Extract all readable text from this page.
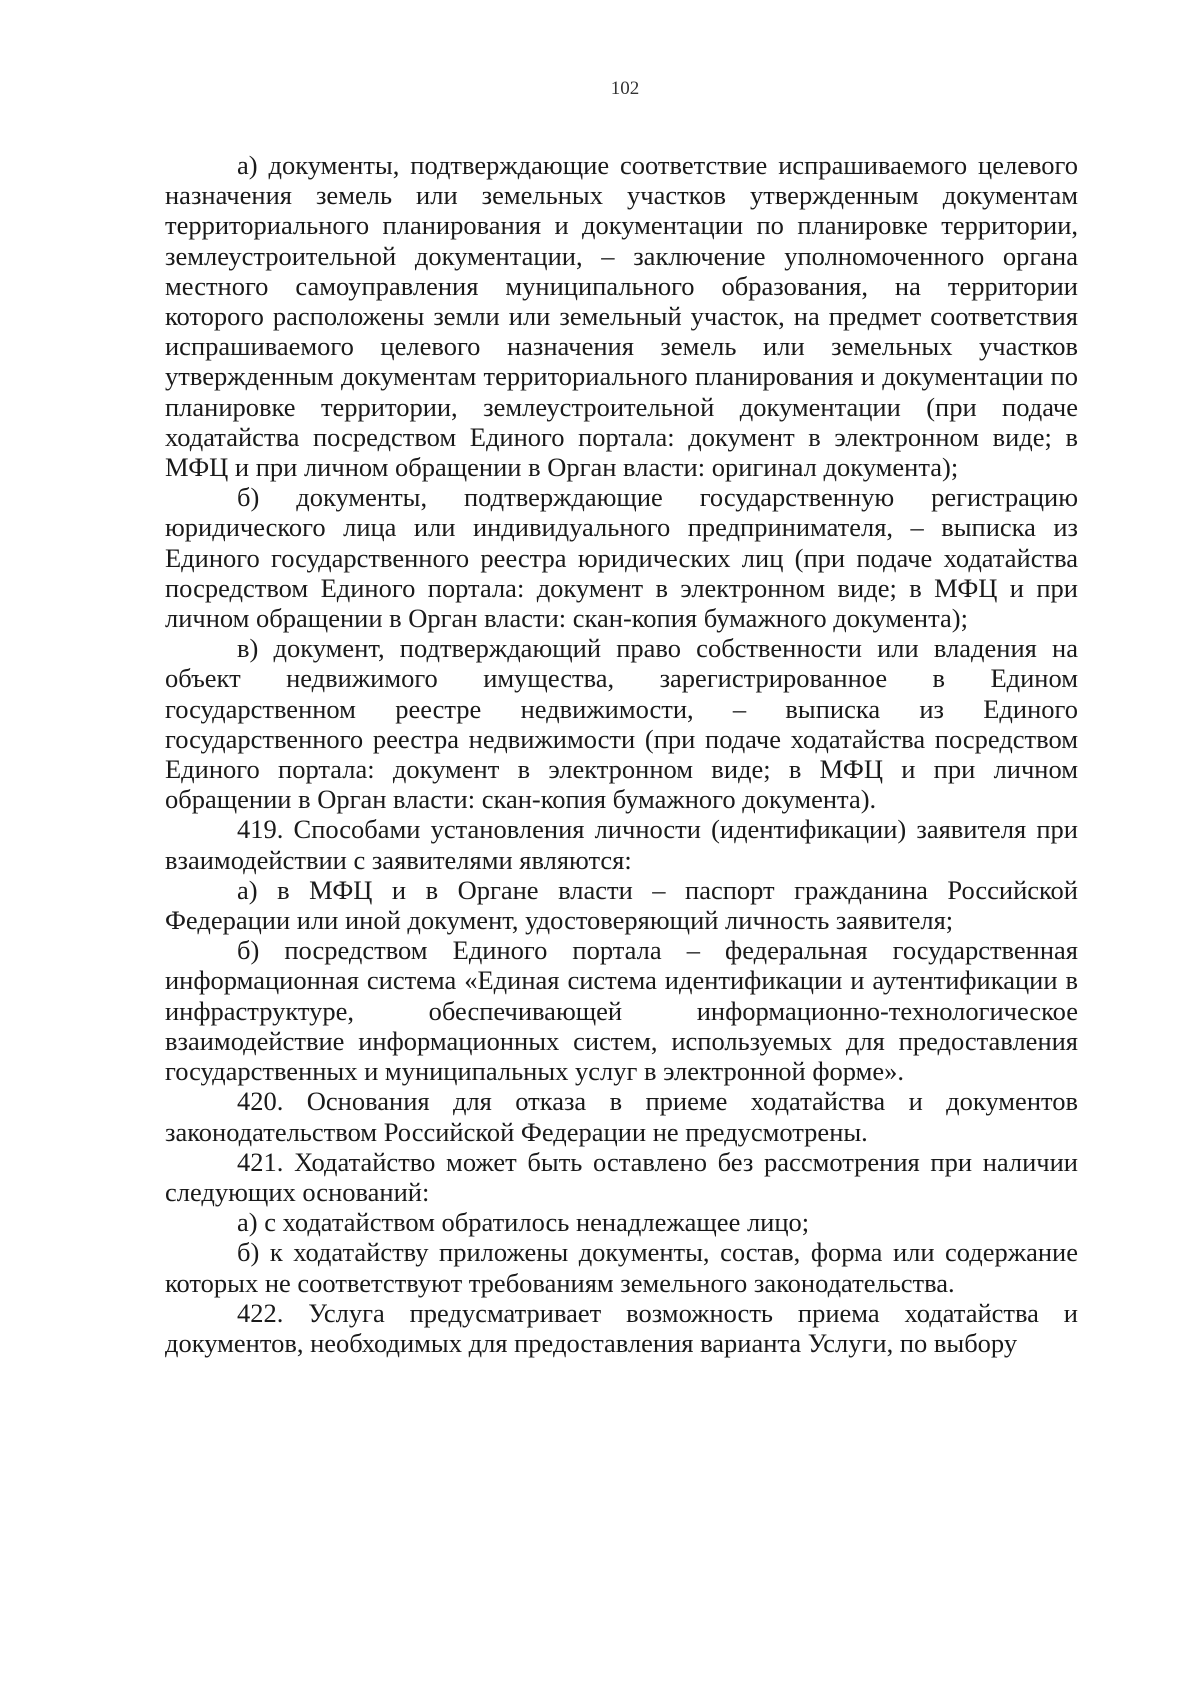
102

а) документы, подтверждающие соответствие испрашиваемого целевого назначения земель или земельных участков утвержденным документам территориального планирования и документации по планировке территории, землеустроительной документации, – заключение уполномоченного органа местного самоуправления муниципального образования, на территории которого расположены земли или земельный участок, на предмет соответствия испрашиваемого целевого назначения земель или земельных участков утвержденным документам территориального планирования и документации по планировке территории, землеустроительной документации (при подаче ходатайства посредством Единого портала: документ в электронном виде; в МФЦ и при личном обращении в Орган власти: оригинал документа);

б) документы, подтверждающие государственную регистрацию юридического лица или индивидуального предпринимателя, – выписка из Единого государственного реестра юридических лиц (при подаче ходатайства посредством Единого портала: документ в электронном виде; в МФЦ и при личном обращении в Орган власти: скан-копия бумажного документа);

в) документ, подтверждающий право собственности или владения на объект недвижимого имущества, зарегистрированное в Едином государственном реестре недвижимости, – выписка из Единого государственного реестра недвижимости (при подаче ходатайства посредством Единого портала: документ в электронном виде; в МФЦ и при личном обращении в Орган власти: скан-копия бумажного документа).

419. Способами установления личности (идентификации) заявителя при взаимодействии с заявителями являются:

а) в МФЦ и в Органе власти – паспорт гражданина Российской Федерации или иной документ, удостоверяющий личность заявителя;

б) посредством Единого портала – федеральная государственная информационная система «Единая система идентификации и аутентификации в инфраструктуре, обеспечивающей информационно-технологическое взаимодействие информационных систем, используемых для предоставления государственных и муниципальных услуг в электронной форме».

420. Основания для отказа в приеме ходатайства и документов законодательством Российской Федерации не предусмотрены.

421. Ходатайство может быть оставлено без рассмотрения при наличии следующих оснований:

а) с ходатайством обратилось ненадлежащее лицо;

б) к ходатайству приложены документы, состав, форма или содержание которых не соответствуют требованиям земельного законодательства.

422. Услуга предусматривает возможность приема ходатайства и документов, необходимых для предоставления варианта Услуги, по выбору
